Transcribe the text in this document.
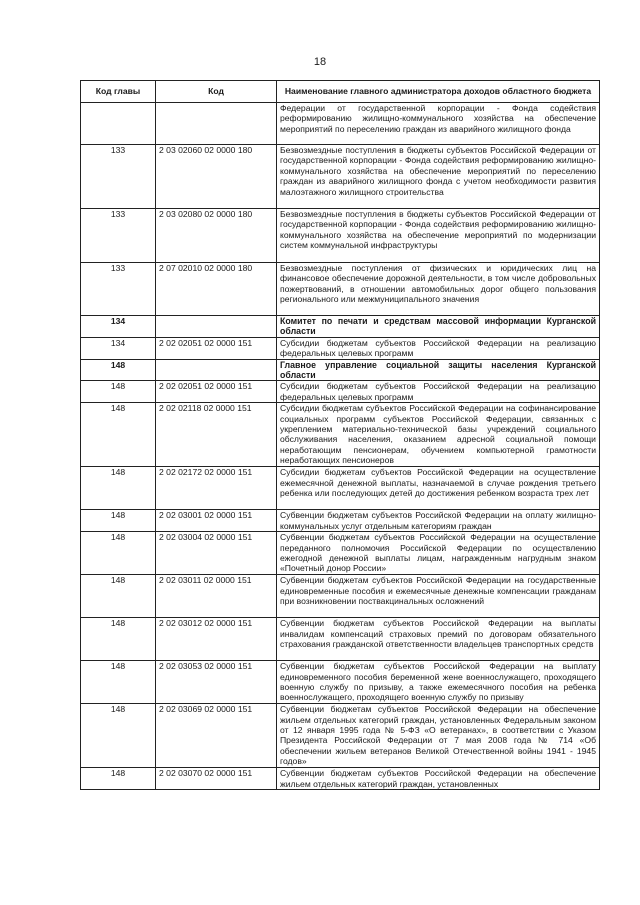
18
Код главы	Код	Наименование главного администратора доходов областного бюджета
		Федерации от государственной корпорации - Фонда содействия реформированию жилищно-коммунального хозяйства на обеспечение мероприятий по переселению граждан из аварийного жилищного фонда
133	2 03 02060 02 0000 180	Безвозмездные поступления в бюджеты субъектов Российской Федерации от государственной корпорации - Фонда содействия реформированию жилищно-коммунального хозяйства на обеспечение мероприятий по переселению граждан из аварийного жилищного фонда с учетом необходимости развития малоэтажного жилищного строительства
133	2 03 02080 02 0000 180	Безвозмездные поступления в бюджеты субъектов Российской Федерации от государственной корпорации - Фонда содействия реформированию жилищно-коммунального хозяйства на обеспечение мероприятий по модернизации систем коммунальной инфраструктуры
133	2 07 02010 02 0000 180	Безвозмездные поступления от физических и юридических лиц на финансовое обеспечение дорожной деятельности, в том числе добровольных пожертвований, в отношении автомобильных дорог общего пользования регионального или межмуниципального значения
134		Комитет по печати и средствам массовой информации Курганской области
134	2 02 02051 02 0000 151	Субсидии бюджетам субъектов Российской Федерации на реализацию федеральных целевых программ
148		Главное управление социальной защиты населения Курганской области
148	2 02 02051 02 0000 151	Субсидии бюджетам субъектов Российской Федерации на реализацию федеральных целевых программ
148	2 02 02118 02 0000 151	Субсидии бюджетам субъектов Российской Федерации на софинансирование социальных программ субъектов Российской Федерации, связанных с укреплением материально-технической базы учреждений социального обслуживания населения, оказанием адресной социальной помощи неработающим пенсионерам, обучением компьютерной грамотности неработающих пенсионеров
148	2 02 02172 02 0000 151	Субсидии бюджетам субъектов Российской Федерации на осуществление ежемесячной денежной выплаты, назначаемой в случае рождения третьего ребенка или последующих детей до достижения ребенком возраста трех лет
148	2 02 03001 02 0000 151	Субвенции бюджетам субъектов Российской Федерации на оплату жилищно-коммунальных услуг отдельным категориям граждан
148	2 02 03004 02 0000 151	Субвенции бюджетам субъектов Российской Федерации на осуществление переданного полномочия Российской Федерации по осуществлению ежегодной денежной выплаты лицам, награжденным нагрудным знаком «Почетный донор России»
148	2 02 03011 02 0000 151	Субвенции бюджетам субъектов Российской Федерации на государственные единовременные пособия и ежемесячные денежные компенсации гражданам при возникновении поствакцинальных осложнений
148	2 02 03012 02 0000 151	Субвенции бюджетам субъектов Российской Федерации на выплаты инвалидам компенсаций страховых премий по договорам обязательного страхования гражданской ответственности владельцев транспортных средств
148	2 02 03053 02 0000 151	Субвенции бюджетам субъектов Российской Федерации на выплату единовременного пособия беременной жене военнослужащего, проходящего военную службу по призыву, а также ежемесячного пособия на ребенка военнослужащего, проходящего военную службу по призыву
148	2 02 03069 02 0000 151	Субвенции бюджетам субъектов Российской Федерации на обеспечение жильем отдельных категорий граждан, установленных Федеральным законом от 12 января 1995 года № 5-ФЗ «О ветеранах», в соответствии с Указом Президента Российской Федерации от 7 мая 2008 года № 714 «Об обеспечении жильем ветеранов Великой Отечественной войны 1941 - 1945 годов»
148	2 02 03070 02 0000 151	Субвенции бюджетам субъектов Российской Федерации на обеспечение жильем отдельных категорий граждан, установленных
